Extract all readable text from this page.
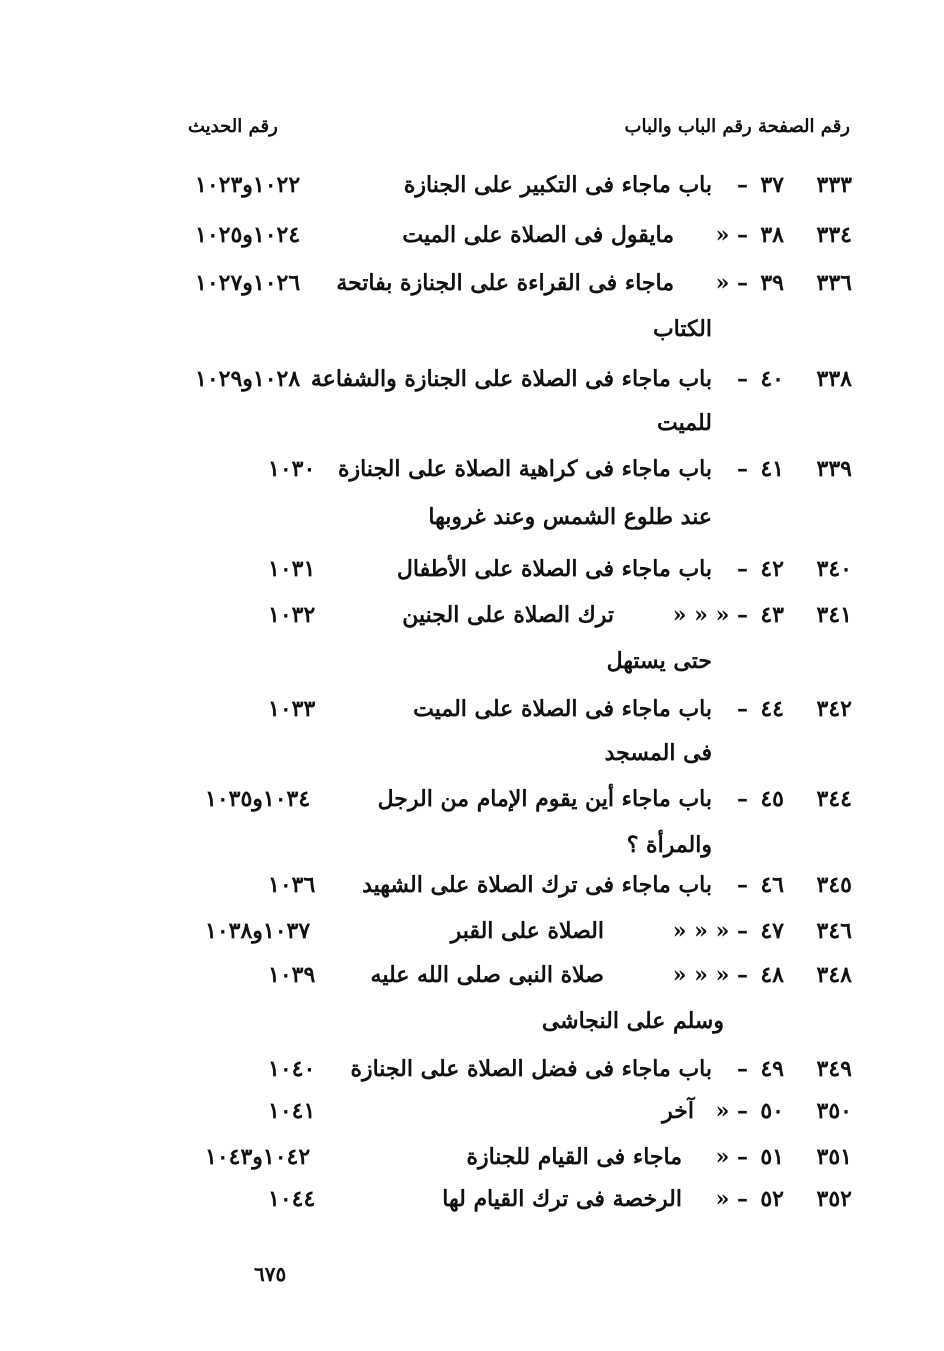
رقم الصفحة رقم الباب والباب
رقم الحديث
٣٣٣
٣٧
–
باب ماجاء فى التكبير على الجنازة
١٠٢٢و١٠٢٣
٣٣٤
٣٨
– «
مايقول فى الصلاة على الميت
١٠٢٤و١٠٢٥
٣٣٦
٣٩
– «
ماجاء فى القراءة على الجنازة بفاتحة
١٠٢٦و١٠٢٧
الكتاب
٣٣٨
٤٠
–
باب ماجاء فى الصلاة على الجنازة والشفاعة
١٠٢٨و١٠٢٩
للميت
٣٣٩
٤١
–
باب ماجاء فى كراهية الصلاة على الجنازة
١٠٣٠
عند طلوع الشمس وعند غروبها
٣٤٠
٤٢
–
باب ماجاء فى الصلاة على الأطفال
١٠٣١
٣٤١
٤٣
– « « «
ترك الصلاة على الجنين
١٠٣٢
حتى يستهل
٣٤٢
٤٤
–
باب ماجاء فى الصلاة على الميت
١٠٣٣
فى المسجد
٣٤٤
٤٥
–
باب ماجاء أين يقوم الإمام من الرجل
١٠٣٤و١٠٣٥
والمرأة ؟
٣٤٥
٤٦
–
باب ماجاء فى ترك الصلاة على الشهيد
١٠٣٦
٣٤٦
٤٧
– « « «
الصلاة على القبر
١٠٣٧و١٠٣٨
٣٤٨
٤٨
– « « «
صلاة النبى صلى الله عليه
١٠٣٩
وسلم على النجاشى
٣٤٩
٤٩
–
باب ماجاء فى فضل الصلاة على الجنازة
١٠٤٠
٣٥٠
٥٠
– «
آخر
١٠٤١
٣٥١
٥١
– «
ماجاء فى القيام للجنازة
١٠٤٢و١٠٤٣
٣٥٢
٥٢
– «
الرخصة فى ترك القيام لها
١٠٤٤
٦٧٥
